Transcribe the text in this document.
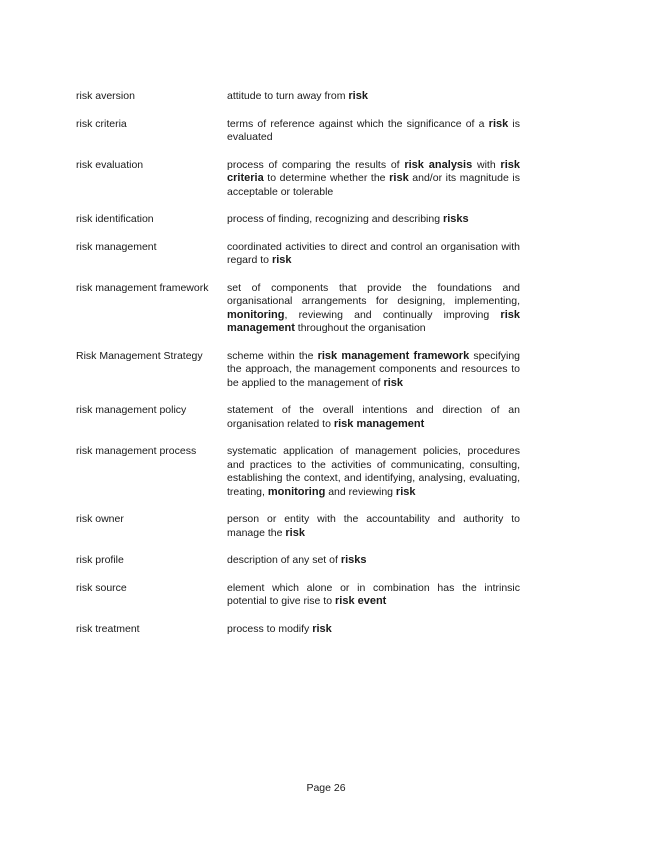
risk aversion	attitude to turn away from risk
risk criteria	terms of reference against which the significance of a risk is evaluated
risk evaluation	process of comparing the results of risk analysis with risk criteria to determine whether the risk and/or its magnitude is acceptable or tolerable
risk identification	process of finding, recognizing and describing risks
risk management	coordinated activities to direct and control an organisation with regard to risk
risk management framework	set of components that provide the foundations and organisational arrangements for designing, implementing, monitoring, reviewing and continually improving risk management throughout the organisation
Risk Management Strategy	scheme within the risk management framework specifying the approach, the management components and resources to be applied to the management of risk
risk management policy	statement of the overall intentions and direction of an organisation related to risk management
risk management process	systematic application of management policies, procedures and practices to the activities of communicating, consulting, establishing the context, and identifying, analysing, evaluating, treating, monitoring and reviewing risk
risk owner	person or entity with the accountability and authority to manage the risk
risk profile	description of any set of risks
risk source	element which alone or in combination has the intrinsic potential to give rise to risk event
risk treatment	process to modify risk
Page 26
